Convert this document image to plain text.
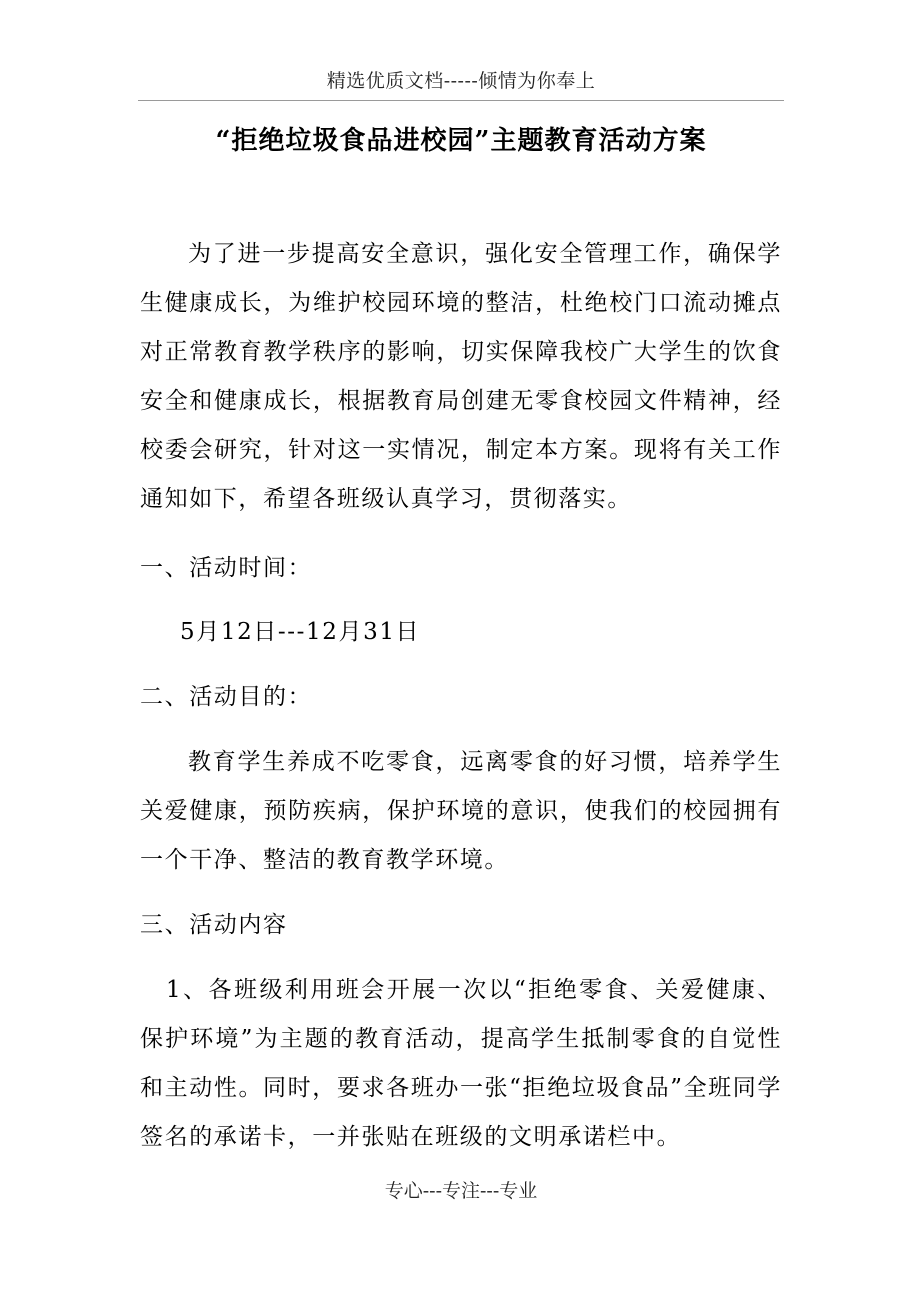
精选优质文档-----倾情为你奉上
“拒绝垃圾食品进校园”主题教育活动方案
为了进一步提高安全意识，强化安全管理工作，确保学生健康成长，为维护校园环境的整洁，杜绝校门口流动摊点对正常教育教学秩序的影响，切实保障我校广大学生的饮食安全和健康成长，根据教育局创建无零食校园文件精神，经校委会研究，针对这一实情况，制定本方案。现将有关工作通知如下，希望各班级认真学习，贯彻落实。
一、活动时间：
5月12日---12月31日
二、活动目的：
教育学生养成不吃零食，远离零食的好习惯，培养学生关爱健康，预防疾病，保护环境的意识，使我们的校园拥有一个干净、整洁的教育教学环境。
三、活动内容
1、各班级利用班会开展一次以“拒绝零食、关爱健康、保护环境”为主题的教育活动，提高学生抵制零食的自觉性和主动性。同时，要求各班办一张“拒绝垃圾食品”全班同学签名的承诺卡，一并张贴在班级的文明承诺栏中。
专心---专注---专业
